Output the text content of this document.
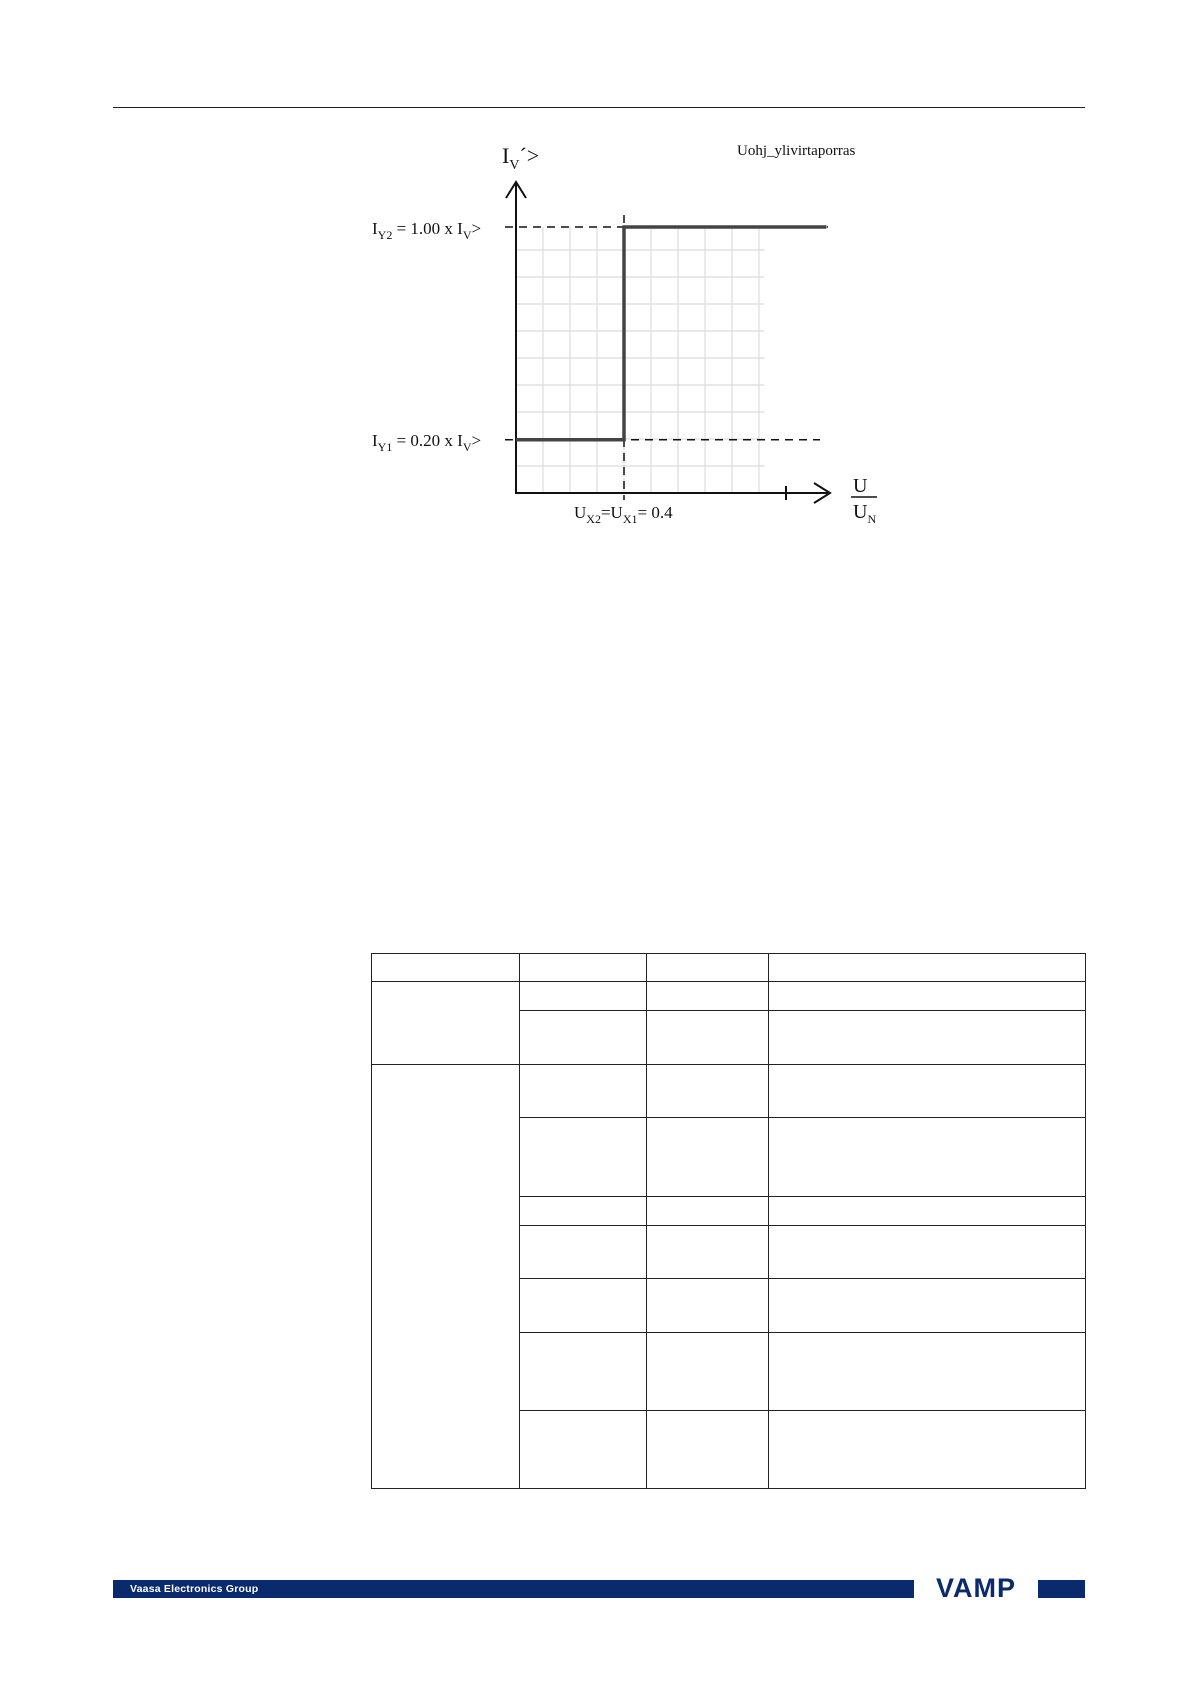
Uohj_ylivirtaporras
$I_V´>$
$I_{Y2} = 1.00$ x $I_V>$
$I_{Y1} = 0.20$ x $I_V>$
$U_{X2}=U_{X1}= 0.4$
U
$U_N$

Vaasa Electronics Group	VAMP
